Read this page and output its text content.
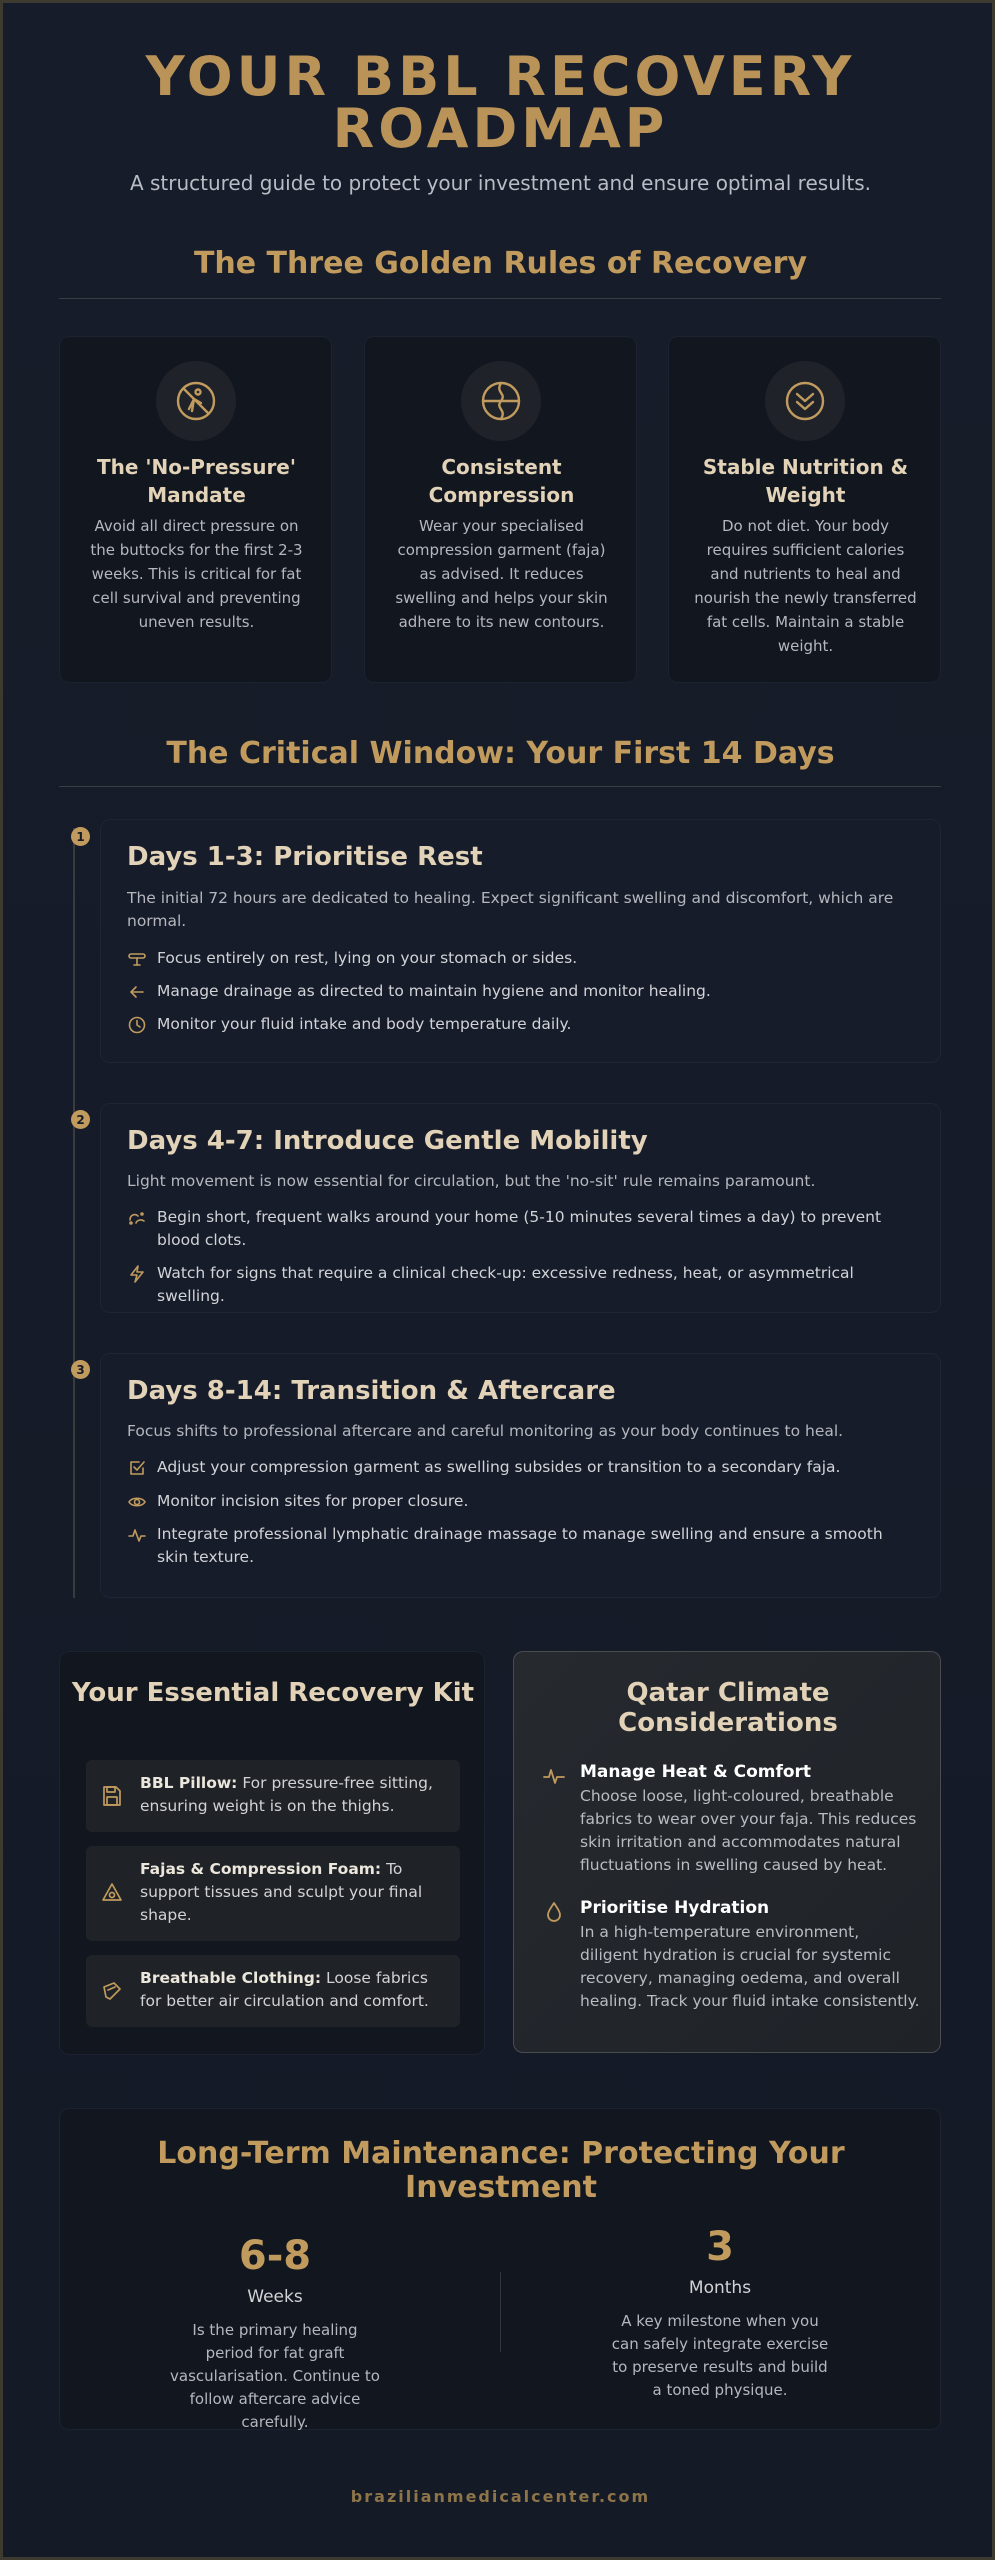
YOUR BBL RECOVERY ROADMAP

A structured guide to protect your investment and ensure optimal results.

The Three Golden Rules of Recovery
The 'No-Pressure' Mandate
Avoid all direct pressure on the buttocks for the first 2-3 weeks. This is critical for fat cell survival and preventing uneven results.
Consistent Compression
Wear your specialised compression garment (faja) as advised. It reduces swelling and helps your skin adhere to its new contours.
Stable Nutrition & Weight
Do not diet. Your body requires sufficient calories and nutrients to heal and nourish the newly transferred fat cells. Maintain a stable weight.
The Critical Window: Your First 14 Days
1
Days 1-3: Prioritise Rest
The initial 72 hours are dedicated to healing. Expect significant swelling and discomfort, which are normal.
Focus entirely on rest, lying on your stomach or sides.
Manage drainage as directed to maintain hygiene and monitor healing.
Monitor your fluid intake and body temperature daily.
2
Days 4-7: Introduce Gentle Mobility
Light movement is now essential for circulation, but the 'no-sit' rule remains paramount.
Begin short, frequent walks around your home (5-10 minutes several times a day) to prevent blood clots.
Watch for signs that require a clinical check-up: excessive redness, heat, or asymmetrical swelling.
3
Days 8-14: Transition & Aftercare
Focus shifts to professional aftercare and careful monitoring as your body continues to heal.
Adjust your compression garment as swelling subsides or transition to a secondary faja.
Monitor incision sites for proper closure.
Integrate professional lymphatic drainage massage to manage swelling and ensure a smooth skin texture.
Your Essential Recovery Kit
BBL Pillow: For pressure-free sitting, ensuring weight is on the thighs.
Fajas & Compression Foam: To support tissues and sculpt your final shape.
Breathable Clothing: Loose fabrics for better air circulation and comfort.
Qatar Climate Considerations
Manage Heat & Comfort
Choose loose, light-coloured, breathable fabrics to wear over your faja. This reduces skin irritation and accommodates natural fluctuations in swelling caused by heat.
Prioritise Hydration
In a high-temperature environment, diligent hydration is crucial for systemic recovery, managing oedema, and overall healing. Track your fluid intake consistently.
Long-Term Maintenance: Protecting Your Investment
6-8
Weeks
Is the primary healing period for fat graft vascularisation. Continue to follow aftercare advice carefully.
3
Months
A key milestone when you can safely integrate exercise to preserve results and build a toned physique.
brazilianmedicalcenter.com
